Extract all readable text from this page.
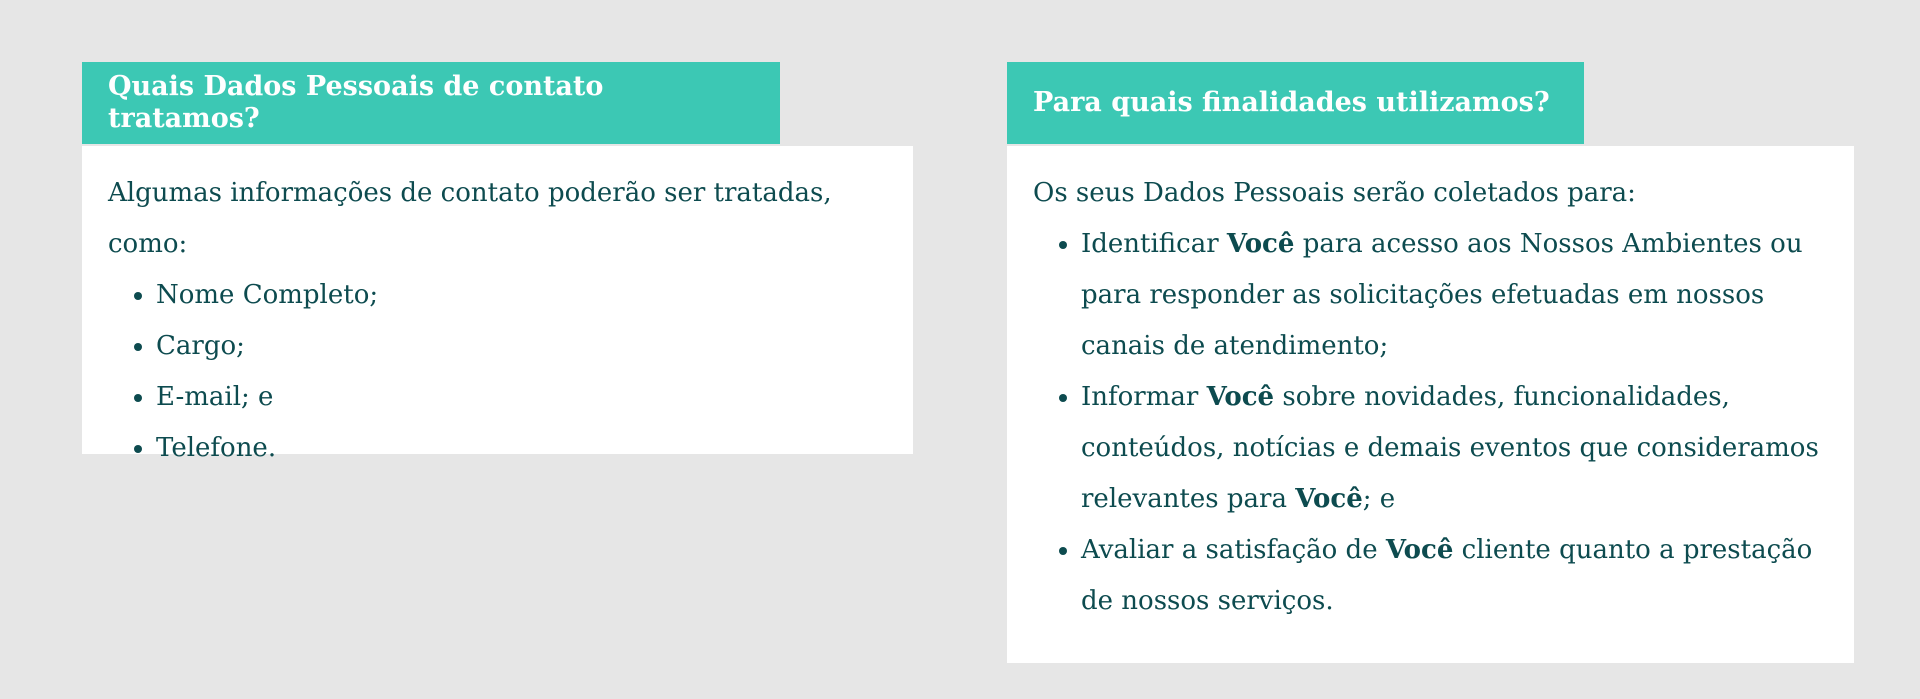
Quais Dados Pessoais de contato tratamos?

Algumas informações de contato poderão ser tratadas, como:

• Nome Completo;
• Cargo;
• E-mail; e
• Telefone.
Para quais finalidades utilizamos?

Os seus Dados Pessoais serão coletados para:

• Identificar Você para acesso aos Nossos Ambientes ou para responder as solicitações efetuadas em nossos canais de atendimento;
• Informar Você sobre novidades, funcionalidades, conteúdos, notícias e demais eventos que consideramos relevantes para Você; e
• Avaliar a satisfação de Você cliente quanto a prestação de nossos serviços.
